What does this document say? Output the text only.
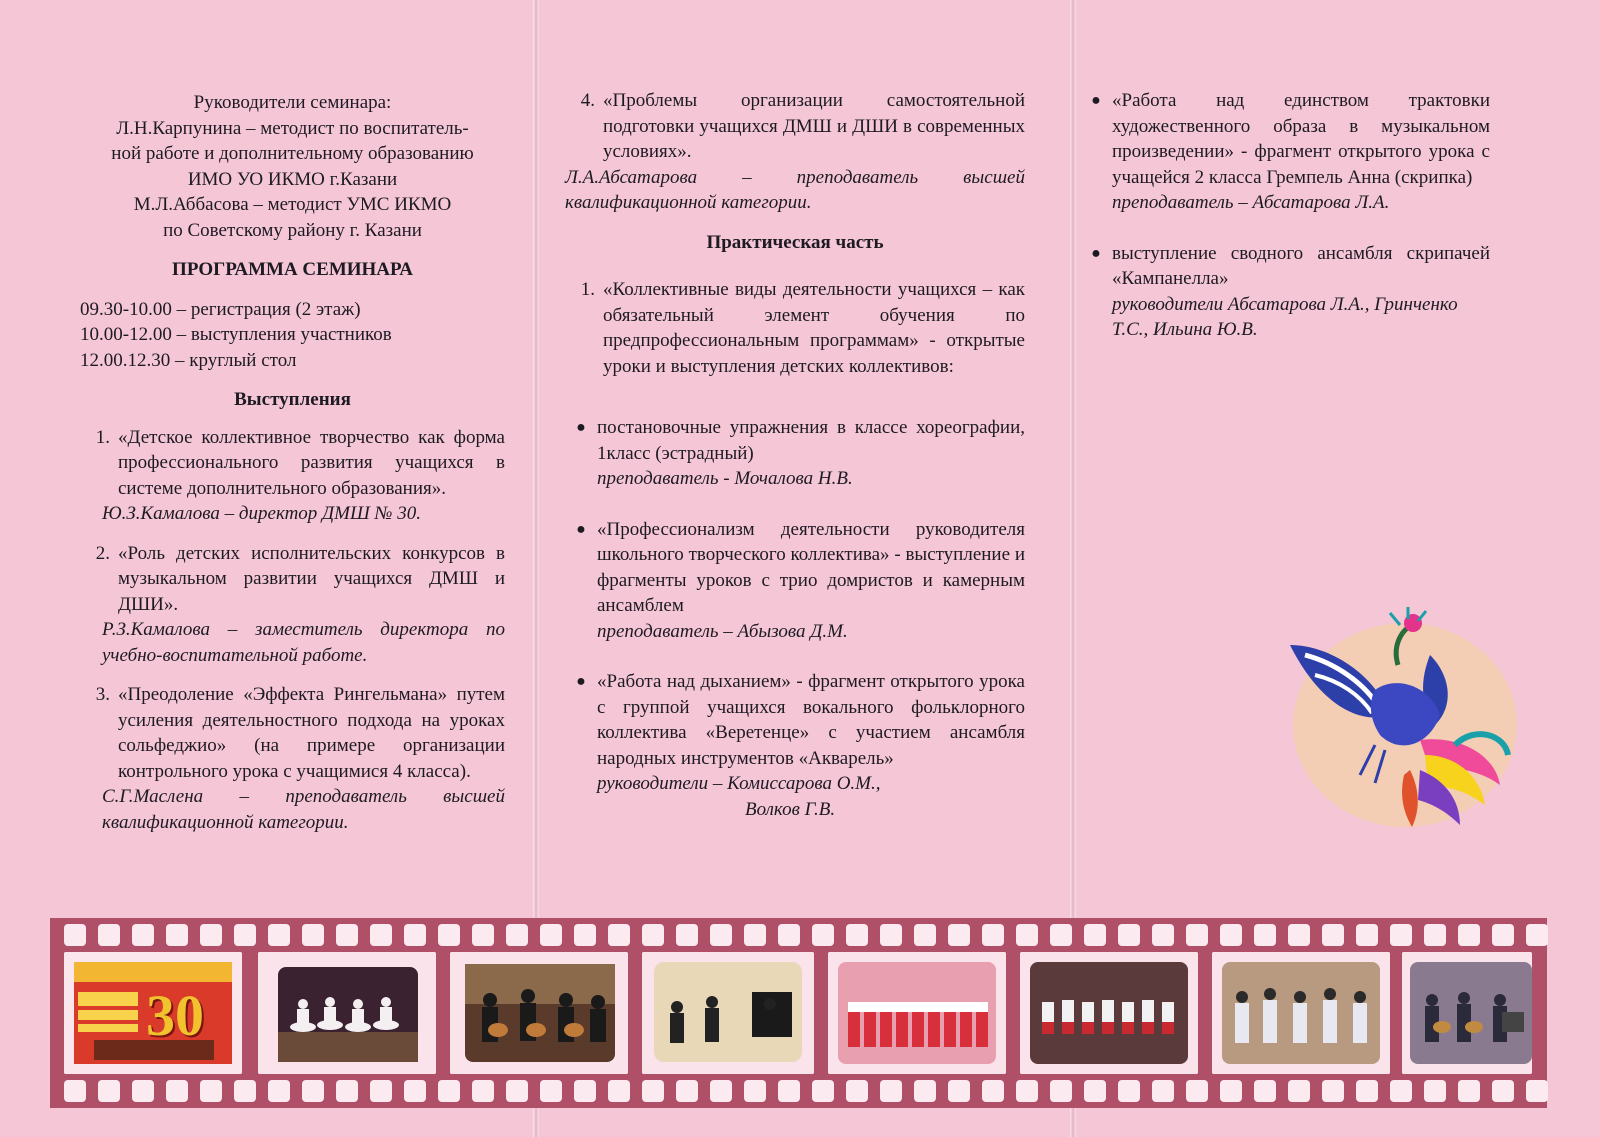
Руководители семинара:
Л.Н.Карпунина – методист по воспитатель-
ной работе и дополнительному образованию
ИМО УО ИКМО г.Казани
М.Л.Аббасова – методист УМС ИКМО
по Советскому району г. Казани
ПРОГРАММА СЕМИНАРА
09.30-10.00 – регистрация (2 этаж)
10.00-12.00 – выступления участников
12.00.12.30 – круглый стол
Выступления
1. «Детское коллективное творчество как форма профессионального развития учащихся в системе дополнительного образования».
Ю.З.Камалова – директор ДМШ № 30.
2. «Роль детских исполнительских конкурсов в музыкальном развитии учащихся ДМШ и ДШИ».
Р.З.Камалова – заместитель директора по учебно-воспитательной работе.
3. «Преодоление «Эффекта Рингельмана» путем усиления деятельностного подхода на уроках сольфеджио» (на примере организации контрольного урока с учащимися 4 класса).
С.Г.Маслена – преподаватель высшей квалификационной категории.
4. «Проблемы организации самостоятельной подготовки учащихся ДМШ и ДШИ в современных условиях».
Л.А.Абсатарова – преподаватель высшей квалификационной категории.
Практическая часть
1. «Коллективные виды деятельности учащихся – как обязательный элемент обучения по предпрофессиональным программам» - открытые уроки и выступления детских коллективов:
● постановочные упражнения в классе хореографии, 1класс (эстрадный)
преподаватель - Мочалова Н.В.
● «Профессионализм деятельности руководителя школьного творческого коллектива» - выступление и фрагменты уроков с трио домристов и камерным ансамблем
преподаватель – Абызова Д.М.
● «Работа над дыханием» - фрагмент открытого урока с группой учащихся вокального фольклорного коллектива «Веретенце» с участием ансамбля народных инструментов «Акварель»
руководители – Комиссарова О.М.,
Волков Г.В.
● «Работа над единством трактовки художественного образа в музыкальном произведении» - фрагмент открытого урока с учащейся 2 класса Гремпель Анна (скрипка)
преподаватель – Абсатарова Л.А.
● выступление сводного ансамбля скрипачей «Кампанелла»
руководители Абсатарова Л.А., Гринченко Т.С., Ильина Ю.В.
30
